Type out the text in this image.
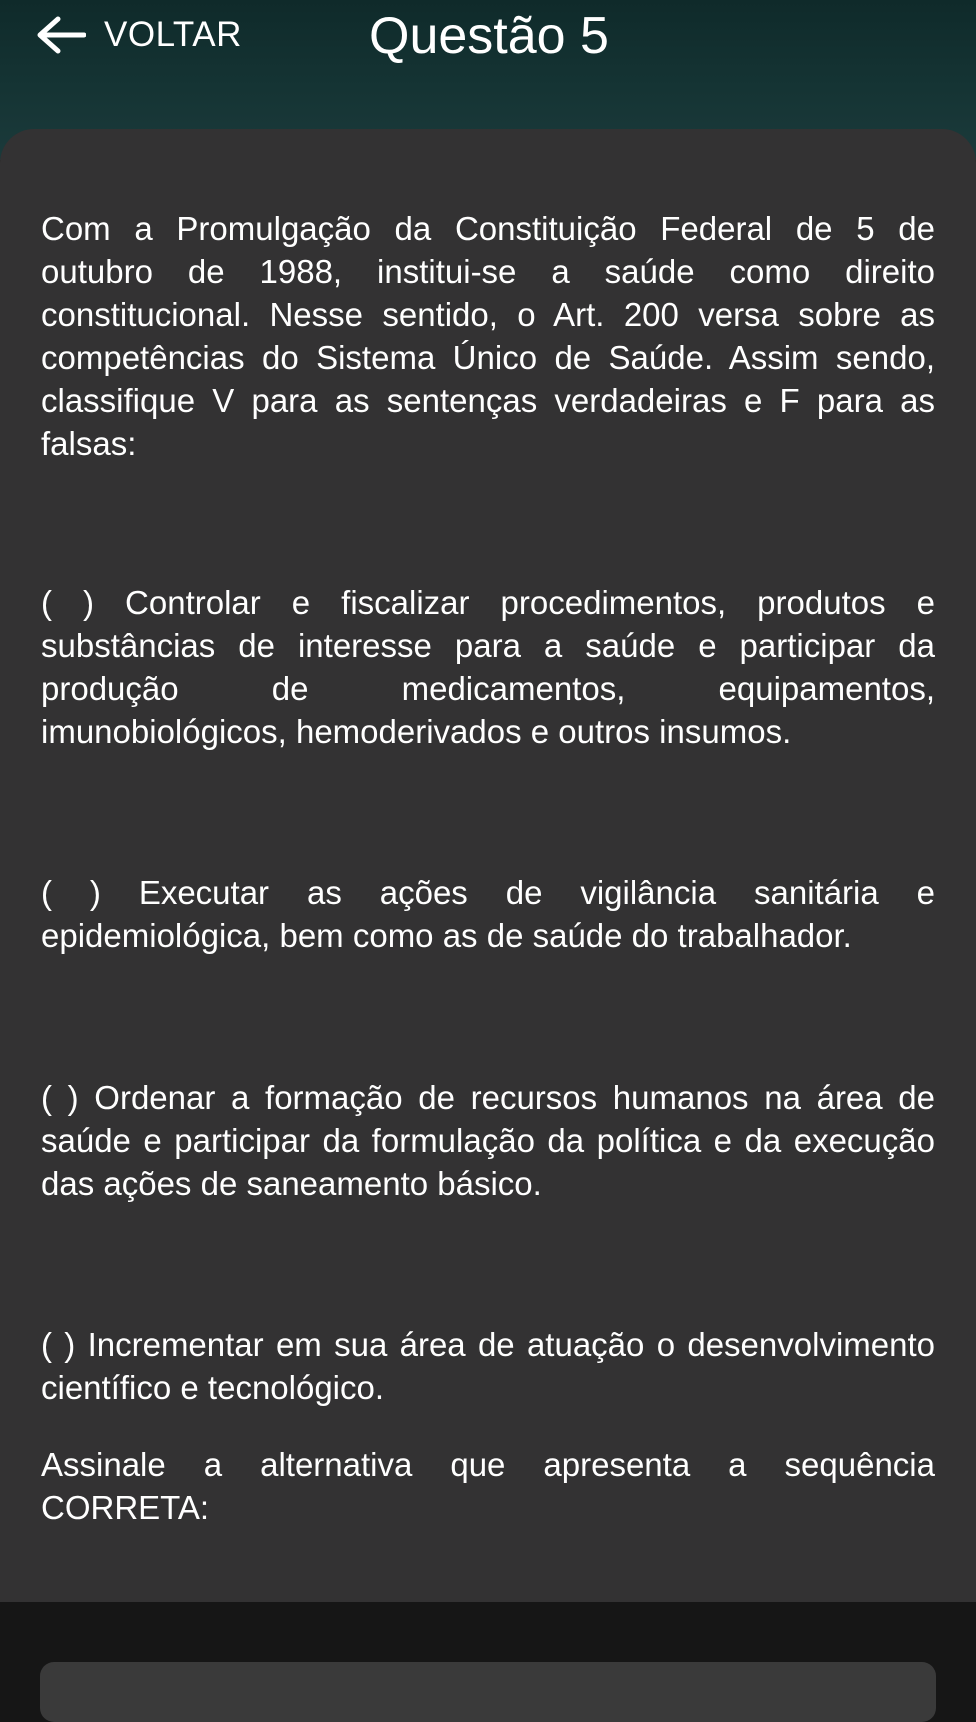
VOLTAR Questão 5
Com a Promulgação da Constituição Federal de 5 de outubro de 1988, institui-se a saúde como direito constitucional. Nesse sentido, o Art. 200 versa sobre as competências do Sistema Único de Saúde. Assim sendo, classifique V para as sentenças verdadeiras e F para as falsas:
( ) Controlar e fiscalizar procedimentos, produtos e substâncias de interesse para a saúde e participar da produção de medicamentos, equipamentos, imunobiológicos, hemoderivados e outros insumos.
( ) Executar as ações de vigilância sanitária e epidemiológica, bem como as de saúde do trabalhador.
( ) Ordenar a formação de recursos humanos na área de saúde e participar da formulação da política e da execução das ações de saneamento básico.
( ) Incrementar em sua área de atuação o desenvolvimento científico e tecnológico.
Assinale a alternativa que apresenta a sequência CORRETA:
